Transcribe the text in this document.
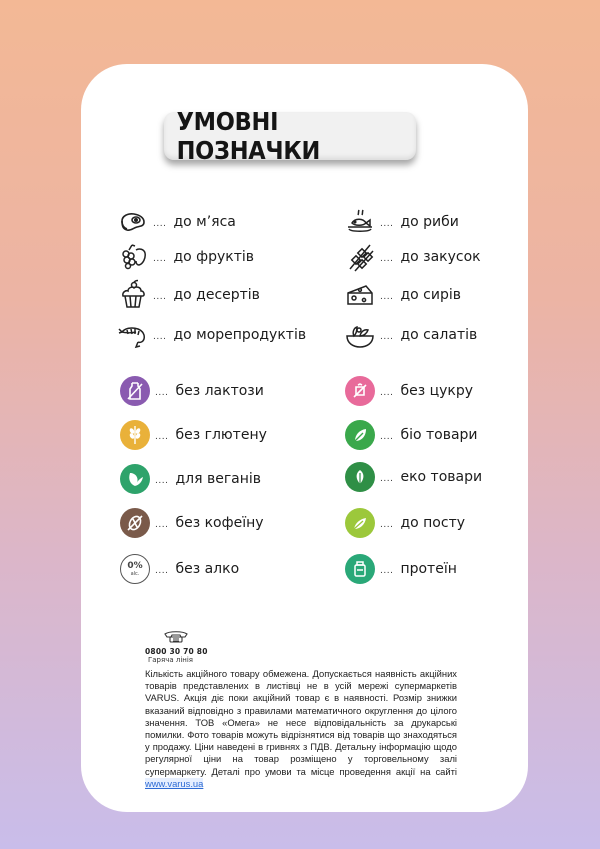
УМОВНІ ПОЗНАЧКИ
.... до м’яса
.... до фруктів
.... до десертів
.... до морепродуктів
.... до риби
.... до закусок
.... до сирів
.... до салатів
.... без лактози
.... без глютену
.... для веганів
.... без кофеїну
0%
alc. .... без алко
.... без цукру
.... біо товари
.... еко товари
.... до посту
.... протеїн
0800 30 70 80
Гаряча лінія
Кількість акційного товару обмежена. Допускається наявність акційних товарів представлених в листівці не в усій мережі супермаркетів VARUS. Акція діє поки акційний товар є в наявності. Розмір знижки вказаний відповідно з правилами математичного округлення до цілого значення. ТОВ «Омега» не несе відповідальність за друкарські помилки. Фото товарів можуть відрізнятися від товарів що знаходяться у продажу. Ціни наведені в гривнях з ПДВ. Детальну інформацію щодо регулярної ціни на товар розміщено у торговельному залі супермаркету. Деталі про умови та місце проведення акції на сайті www.varus.ua
